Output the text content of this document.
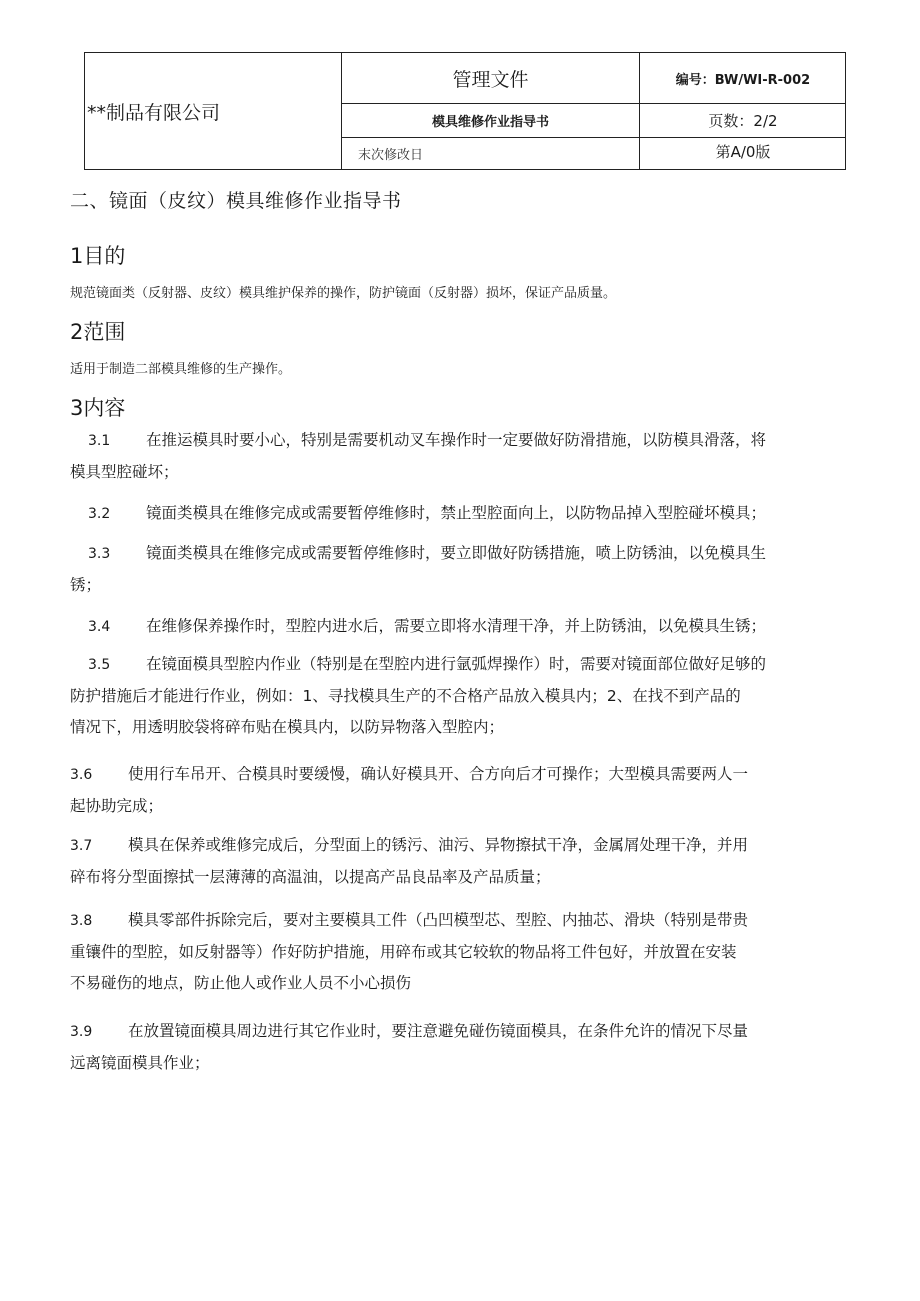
**制品有限公司
管理文件
模具维修作业指导书
末次修改日
编号：BW/WI-R-002
页数：2/2
第A/0版
二、镜面（皮纹）模具维修作业指导书
1目的
规范镜面类（反射器、皮纹）模具维护保养的操作，防护镜面（反射器）损坏，保证产品质量。
2范围
适用于制造二部模具维修的生产操作。
3内容
3.1 在推运模具时要小心，特别是需要机动叉车操作时一定要做好防滑措施，以防模具滑落，将
模具型腔碰坏；
3.2 镜面类模具在维修完成或需要暂停维修时，禁止型腔面向上，以防物品掉入型腔碰坏模具；
3.3 镜面类模具在维修完成或需要暂停维修时，要立即做好防锈措施，喷上防锈油，以免模具生
锈；
3.4 在维修保养操作时，型腔内进水后，需要立即将水清理干净，并上防锈油，以免模具生锈；
3.5 在镜面模具型腔内作业（特别是在型腔内进行氩弧焊操作）时，需要对镜面部位做好足够的
防护措施后才能进行作业，例如：1、寻找模具生产的不合格产品放入模具内；2、在找不到产品的
情况下，用透明胶袋将碎布贴在模具内，以防异物落入型腔内；
3.6 使用行车吊开、合模具时要缓慢，确认好模具开、合方向后才可操作；大型模具需要两人一
起协助完成；
3.7 模具在保养或维修完成后，分型面上的锈污、油污、异物擦拭干净，金属屑处理干净，并用
碎布将分型面擦拭一层薄薄的高温油，以提高产品良品率及产品质量；
3.8 模具零部件拆除完后，要对主要模具工件（凸凹模型芯、型腔、内抽芯、滑块（特别是带贵
重镶件的型腔，如反射器等）作好防护措施，用碎布或其它较软的物品将工件包好，并放置在安装
不易碰伤的地点，防止他人或作业人员不小心损伤
3.9 在放置镜面模具周边进行其它作业时，要注意避免碰伤镜面模具，在条件允许的情况下尽量
远离镜面模具作业；
